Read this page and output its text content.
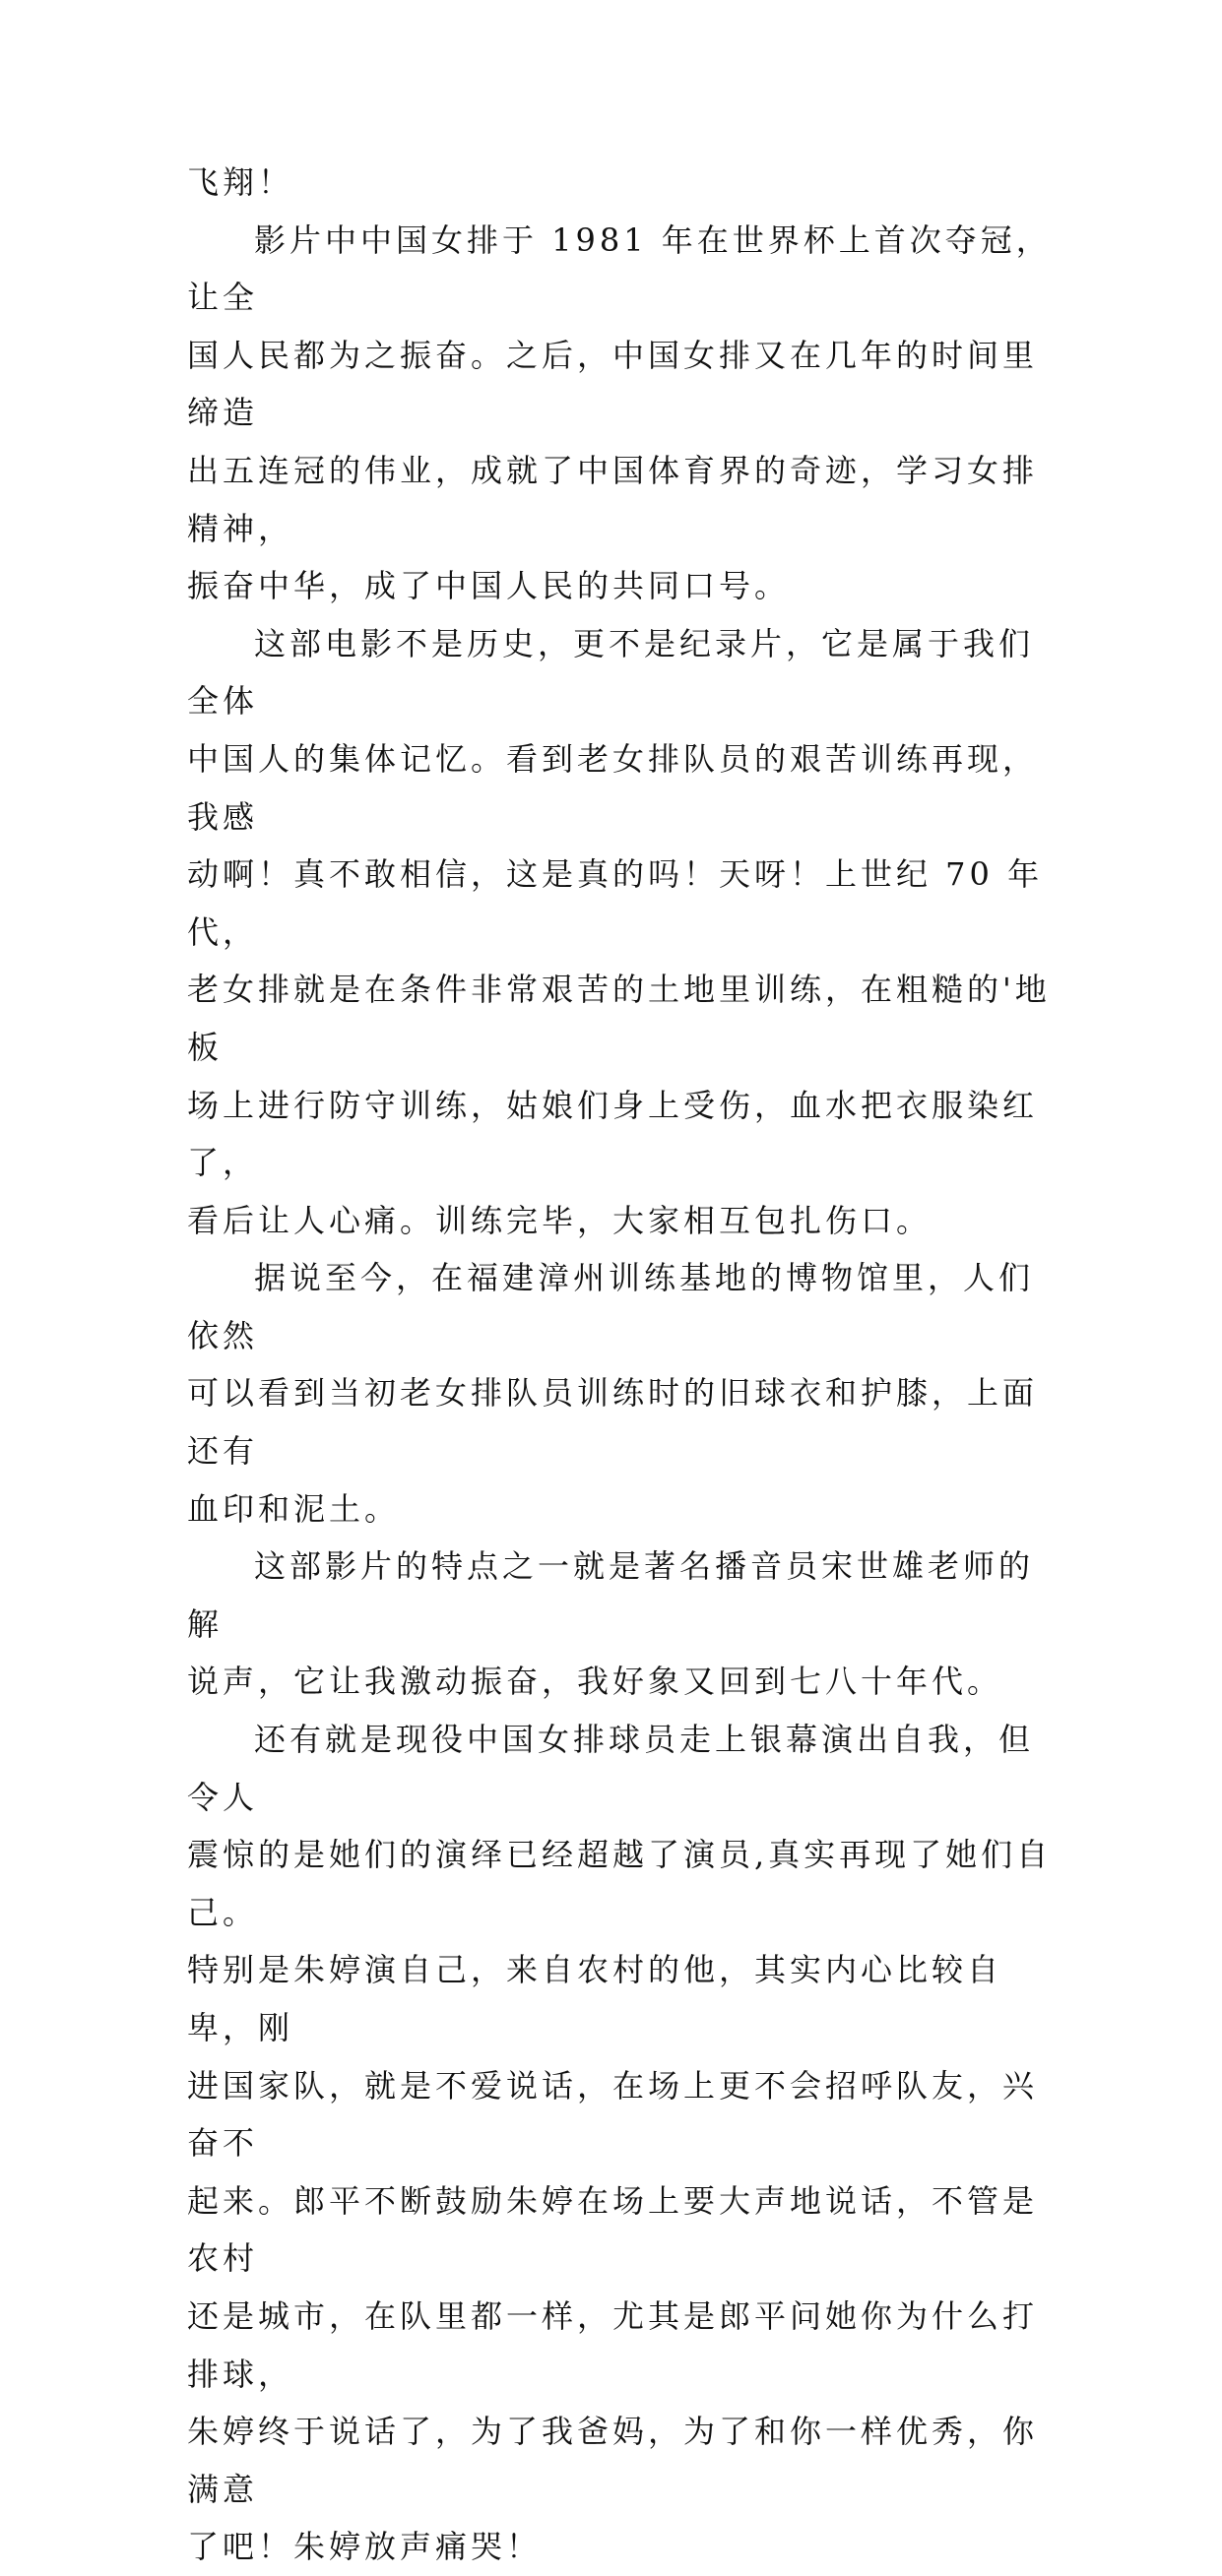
飞翔！

影片中中国女排于 1981 年在世界杯上首次夺冠，让全
国人民都为之振奋。之后，中国女排又在几年的时间里缔造
出五连冠的伟业，成就了中国体育界的奇迹，学习女排精神，
振奋中华，成了中国人民的共同口号。

这部电影不是历史，更不是纪录片，它是属于我们全体
中国人的集体记忆。看到老女排队员的艰苦训练再现，我感
动啊！真不敢相信，这是真的吗！天呀！上世纪 70 年代，
老女排就是在条件非常艰苦的土地里训练，在粗糙的'地板
场上进行防守训练，姑娘们身上受伤，血水把衣服染红了，
看后让人心痛。训练完毕，大家相互包扎伤口。

据说至今，在福建漳州训练基地的博物馆里，人们依然
可以看到当初老女排队员训练时的旧球衣和护膝，上面还有
血印和泥土。

这部影片的特点之一就是著名播音员宋世雄老师的解
说声，它让我激动振奋，我好象又回到七八十年代。

还有就是现役中国女排球员走上银幕演出自我，但令人
震惊的是她们的演绎已经超越了演员,真实再现了她们自己。
特别是朱婷演自己，来自农村的他，其实内心比较自卑，刚
进国家队，就是不爱说话，在场上更不会招呼队友，兴奋不
起来。郎平不断鼓励朱婷在场上要大声地说话，不管是农村
还是城市，在队里都一样，尤其是郎平问她你为什么打排球，
朱婷终于说话了，为了我爸妈，为了和你一样优秀，你满意
了吧！朱婷放声痛哭！
